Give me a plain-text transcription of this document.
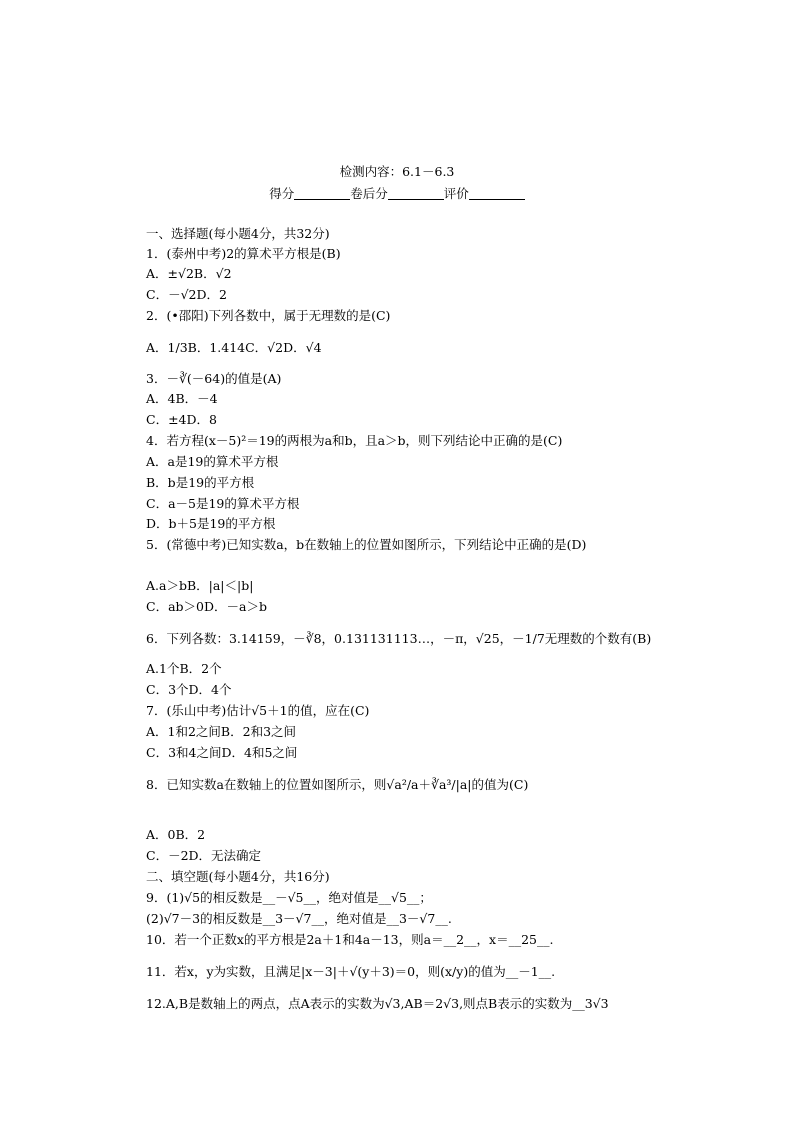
检测内容：6.1－6.3
得分	卷后分	评价
一、选择题(每小题4分，共32分)
1．(泰州中考)2的算术平方根是(B)
A．±√2B．√2
C．－√2D．2
2．(•邵阳)下列各数中，属于无理数的是(C)
A．1/3B．1.414C．√2D．√4
3．－∛(－64)的值是(A)
A．4B．－4
C．±4D．8
4．若方程(x－5)²＝19的两根为a和b，且a＞b，则下列结论中正确的是(C)
A．a是19的算术平方根
B．b是19的平方根
C．a－5是19的算术平方根
D．b＋5是19的平方根
5．(常德中考)已知实数a，b在数轴上的位置如图所示，下列结论中正确的是(D)
A.a＞bB．|a|＜|b|
C．ab＞0D．－a＞b
6．下列各数：3.14159，－∛8，0.131131113…，－π，√25，－1/7无理数的个数有(B)
A.1个B．2个
C．3个D．4个
7．(乐山中考)估计√5＋1的值，应在(C)
A．1和2之间B．2和3之间
C．3和4之间D．4和5之间
8．已知实数a在数轴上的位置如图所示，则√a²/a＋∛a³/|a|的值为(C)
A．0B．2
C．－2D．无法确定
二、填空题(每小题4分，共16分)
9．(1)√5的相反数是__－√5__，绝对值是__√5__；
(2)√7－3的相反数是__3－√7__，绝对值是__3－√7__.
10．若一个正数x的平方根是2a＋1和4a－13，则a＝__2__，x＝__25__.
11．若x，y为实数，且满足|x－3|＋√(y＋3)＝0，则(x/y)的值为__－1__.
12.A,B是数轴上的两点，点A表示的实数为√3,AB＝2√3,则点B表示的实数为__3√3
